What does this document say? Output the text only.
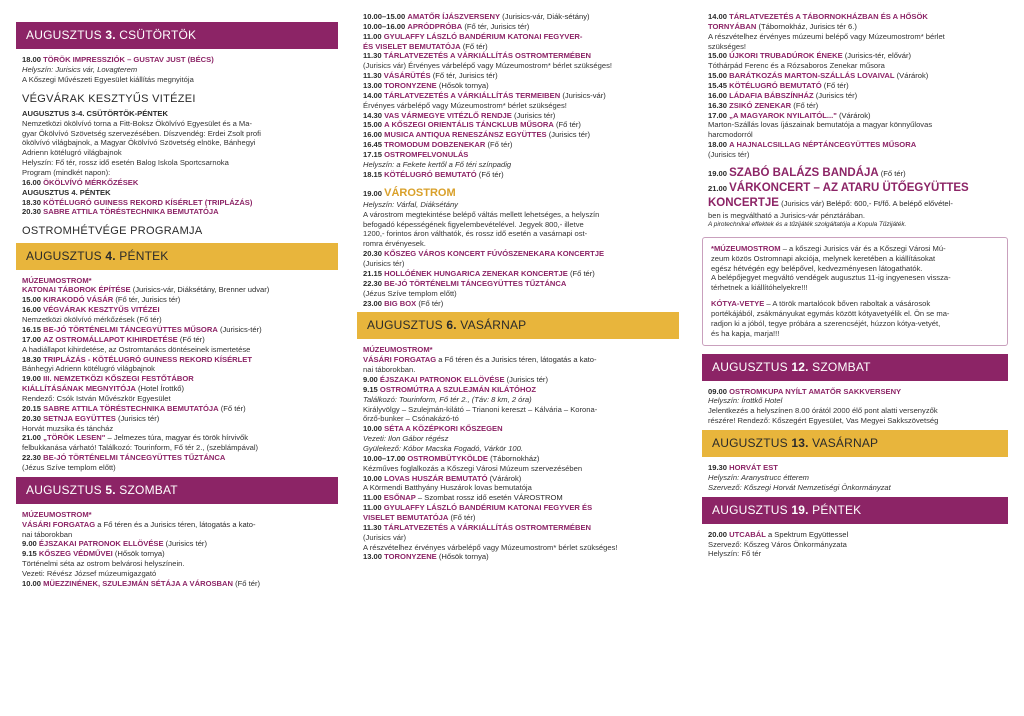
AUGUSZTUS 3. CSÜTÖRTÖK
18.00 TÖRÖK IMPRESSZIÓK – GUSTAV JUST (BÉCS)
Helyszín: Jurisics vár, Lovagterem
A Kőszegi Művészeti Egyesület kiállítás megnyitója
VÉGVÁRAK KESZTYŰS VITÉZEI
AUGUSZTUS 3-4. CSÜTÖRTÖK-PÉNTEK
Nemzetközi ökölvívó torna a Fitt-Boksz Ökölvívó Egyesület és a Ma-
gyar Ökölvívó Szövetség szervezésében. Díszvendég: Erdei Zsolt profi
ökölvívó világbajnok, a Magyar Ökölvívó Szövetség elnöke, Bánhegyi
Adrienn kötélugró világbajnok
Helyszín: Fő tér, rossz idő esetén Balog Iskola Sportcsarnoka
Program (mindkét napon):
16.00 ÖKÖLVÍVÓ MÉRKŐZÉSEK
AUGUSZTUS 4. PÉNTEK
18.30 KÖTÉLUGRÓ GUINESS REKORD KÍSÉRLET (TRIPLÁZÁS)
20.30 SABRE ATTILA TÖRÉSTECHNIKA BEMUTATÓJA
OSTROMHÉTVÉGE PROGRAMJA
AUGUSZTUS 4. PÉNTEK
MÚZEUMOSTROM*
KATONAI TÁBOROK ÉPÍTÉSE (Jurisics-vár, Diáksétány, Brenner udvar)
15.00 KIRAKODÓ VÁSÁR (Fő tér, Jurisics tér)
16.00 VÉGVÁRAK KESZTYŰS VITÉZEI
Nemzetközi ökölvívó mérkőzések (Fő tér)
16.15 BE-JÓ TÖRTÉNELMI TÁNCEGYÜTTES MŰSORA (Jurisics-tér)
17.00 AZ OSTROMÁLLAPOT KIHIRDETÉSE (Fő tér)
A hadiállapot kihirdetése, az Ostromtanács döntéseinek ismertetése
18.30 TRIPLÁZÁS - KÖTÉLUGRÓ GUINESS REKORD KÍSÉRLET
Bánhegyi Adrienn kötélugró világbajnok
19.00 III. NEMZETKÖZI KŐSZEGI FESTŐTÁBOR
KIÁLLÍTÁSÁNAK MEGNYITÓJA (Hotel Írottkő)
Rendező: Csók István Művészkör Egyesület
20.15 SABRE ATTILA TÖRÉSTECHNIKA BEMUTATÓJA (Fő tér)
20.30 SETNJA EGYÜTTES (Jurisics tér)
Horvát muzsika és táncház
21.00 „TÖRÖK LESEN" – Jelmezes túra, magyar és török hírvivők
felbukkanása várható! Találkozó: Tourinform, Fő tér 2., (szeblámpával)
22.30 BE-JÓ TÖRTÉNELMI TÁNCEGYÜTTES TŰZTÁNCA
(Jézus Szíve templom előtt)
AUGUSZTUS 5. SZOMBAT
MÚZEUMOSTROM*
VÁSÁRI FORGATAG a Fő téren és a Jurisics téren, látogatás a kato-
nai táborokban
9.00 ÉJSZAKAI PATRONOK ELLÖVÉSE (Jurisics tér)
9.15 KŐSZEG VÉDMŰVEI (Hősök tornya)
Történelmi séta az ostrom belvárosi helyszínein.
Vezeti: Révész József múzeumigazgató
10.00 MÜEZZINÉNEK, SZULEJMÁN SÉTÁJA A VÁROSBAN (Fő tér)
10.00–15.00 AMATŐR ÍJÁSZVERSENY (Jurisics-vár, Diák-sétány)
10.00–16.00 APRÓDPRÓBA (Fő tér, Jurisics tér)
11.00 GYULAFFY LÁSZLÓ BANDÉRIUM KATONAI FEGYVER-
ÉS VISELET BEMUTATÓJA (Fő tér)
11.30 TÁRLATVEZETÉS A VÁRKIÁLLÍTÁS OSTROMTERMÉBEN
(Jurisics vár) Érvényes várbelépő vagy Múzeumostrom* bérlet szükséges!
11.30 VÁSÁRÜTÉS (Fő tér, Jurisics tér)
13.00 TORONYZENE (Hősök tornya)
14.00 TÁRLATVEZETÉS A VÁRKIÁLLÍTÁS TERMEIBEN (Jurisics-vár)
Érvényes várbelépő vagy Múzeumostrom* bérlet szükséges!
14.30 VAS VÁRMEGYE VITÉZLŐ RENDJE (Jurisics tér)
15.00 A KŐSZEGI ORIENTÁLIS TÁNCKLUB MŰSORA (Fő tér)
16.00 MUSICA ANTIQUA RENESZÁNSZ EGYÜTTES (Jurisics tér)
16.45 TROMODUM DOBZENEKAR (Fő tér)
17.15 OSTROMFELVONULÁS
Helyszín: a Fekete kertől a Fő téri színpadig
18.15 KÖTÉLUGRÓ BEMUTATÓ (Fő tér)
19.00 VÁROSTROM
Helyszín: Várfal, Diáksétány
A várostrom megtekintése belépő váltás mellett lehetséges, a helyszín
befogadó képességének figyelembevételével. Jegyek 800,- illetve
1200,- forintos áron válthatók, és rossz idő esetén a vasárnapi ost-
romra érvényesek.
20.30 KŐSZEG VÁROS KONCERT FÚVÓSZENEKARA KONCERTJE
(Jurisics tér)
21.15 HOLLÓÉNEK HUNGARICA ZENEKAR KONCERTJE (Fő tér)
22.30 BE-JÓ TÖRTÉNELMI TÁNCEGYÜTTES TŰZTÁNCA
(Jézus Szíve templom előtt)
23.00 BIG BOX (Fő tér)
AUGUSZTUS 6. VASÁRNAP
MÚZEUMOSTROM*
VÁSÁRI FORGATAG a Fő téren és a Jurisics téren, látogatás a kato-
nai táborokban.
9.00 ÉJSZAKAI PATRONOK ELLÖVÉSE (Jurisics tér)
9.15 OSTROMÚTRA A SZULEJMÁN KILÁTÓHOZ
Találkozó: Tourinform, Fő tér 2., (Táv: 8 km, 2 óra)
Királyvölgy – Szulejmán-kilátó – Trianoni kereszt – Kálvária – Korona-
őrző-bunker – Csónakázó-tó
10.00 SÉTA A KÖZÉPKORI KŐSZEGEN
Vezeti: Ilon Gábor régész
Gyülekező: Kóbor Macska Fogadó, Várkör 100.
10.00–17.00 OSTROMBÜTYKÖLDE (Tábornokház)
Kézműves foglalkozás a Kőszegi Városi Múzeum szervezésében
10.00 LOVAS HUSZÁR BEMUTATÓ (Várárok)
A Körmendi Batthyány Huszárok lovas bemutatója
11.00 ESŐNAP – Szombat rossz idő esetén VÁROSTROM
11.00 GYULAFFY LÁSZLÓ BANDÉRIUM KATONAI FEGYVER ÉS
VISELET BEMUTATÓJA (Fő tér)
11.30 TÁRLATVEZETÉS A VÁRKIÁLLÍTÁS OSTROMTERMÉBEN
(Jurisics vár)
A részvételhez érvényes várbelépő vagy Múzeumostrom* bérlet szükséges!
13.00 TORONYZENE (Hősök tornya)
14.00 TÁRLATVEZETÉS A TÁBORNOKHÁZBAN ÉS A HŐSÖK
TORNYÁBAN (Tábornokház, Jurisics tér 6.)
A részvételhez érvényes múzeumi belépő vagy Múzeumostrom* bérlet
szükséges!
15.00 ÚJKORI TRUBADÚROK ÉNEKE (Jurisics-tér, elővár)
Tóthárpád Ferenc és a Rózsaboros Zenekar műsora
15.00 BARÁTKOZÁS MARTON-SZÁLLÁS LOVAIVAL (Várárok)
15.45 KÖTÉLUGRÓ BEMUTATÓ (Fő tér)
16.00 LÁDAFIA BÁBSZÍNHÁZ (Jurisics tér)
16.30 ZSIKÓ ZENEKAR (Fő tér)
17.00 „A MAGYAROK NYILAITÓL..." (Várárok)
Marton-Szállás lovas íjászainak bemutatója a magyar könnyűlovas
harcmodorról
18.00 A HAJNALCSILLAG NÉPTÁNCEGYÜTTES MŰSORA
(Jurisics tér)
19.00 SZABÓ BALÁZS BANDÁJA (Fő tér)
21.00 VÁRKONCERT – AZ ATARU ÜTŐEGYÜTTES
KONCERTJE (Jurisics vár) Belépő: 600,- Ft/fő. A belépő elővétel-
ben is megváltható a Jurisics-vár pénztárában.
A pirotechnikai effektek és a tűzijáték szolgáltatója a Kopula Tűzijáték.
*MÚZEUMOSTROM – a kőszegi Jurisics vár és a Kőszegi Városi Mú-
zeum közös Ostromnapi akciója, melynek keretében a kiállításokat
egész hétvégén egy belépővel, kedvezményesen látogathatók.
A belépőjegyet megváltó vendégek augusztus 11-ig ingyenesen vissza-
térhetnek a kiállítóhelyekre!!!
KÓTYA-VETYE – A török martalócok bőven raboltak a vásárosok
portékájából, zsákmányukat egymás között kótyavetyélik el. Ön se ma-
radjon ki a jóból, tegye próbára a szerencséjét, húzzon kótya-vetyét,
és ha kapja, marja!!!
AUGUSZTUS 12. SZOMBAT
09.00 OSTROMKUPA NYÍLT AMATŐR SAKKVERSENY
Helyszín: Írottkő Hotel
Jelentkezés a helyszínen 8.00 órától 2000 élő pont alatti versenyzők
részére! Rendező: Kőszegért Egyesület, Vas Megyei Sakkszövetség
AUGUSZTUS 13. VASÁRNAP
19.30 HORVÁT EST
Helyszín: Aranystrucc étterem
Szervező: Kőszegi Horvát Nemzetiségi Önkormányzat
AUGUSZTUS 19. PÉNTEK
20.00 UTCABÁL a Spektrum Együttessel
Szervező: Kőszeg Város Önkormányzata
Helyszín: Fő tér
